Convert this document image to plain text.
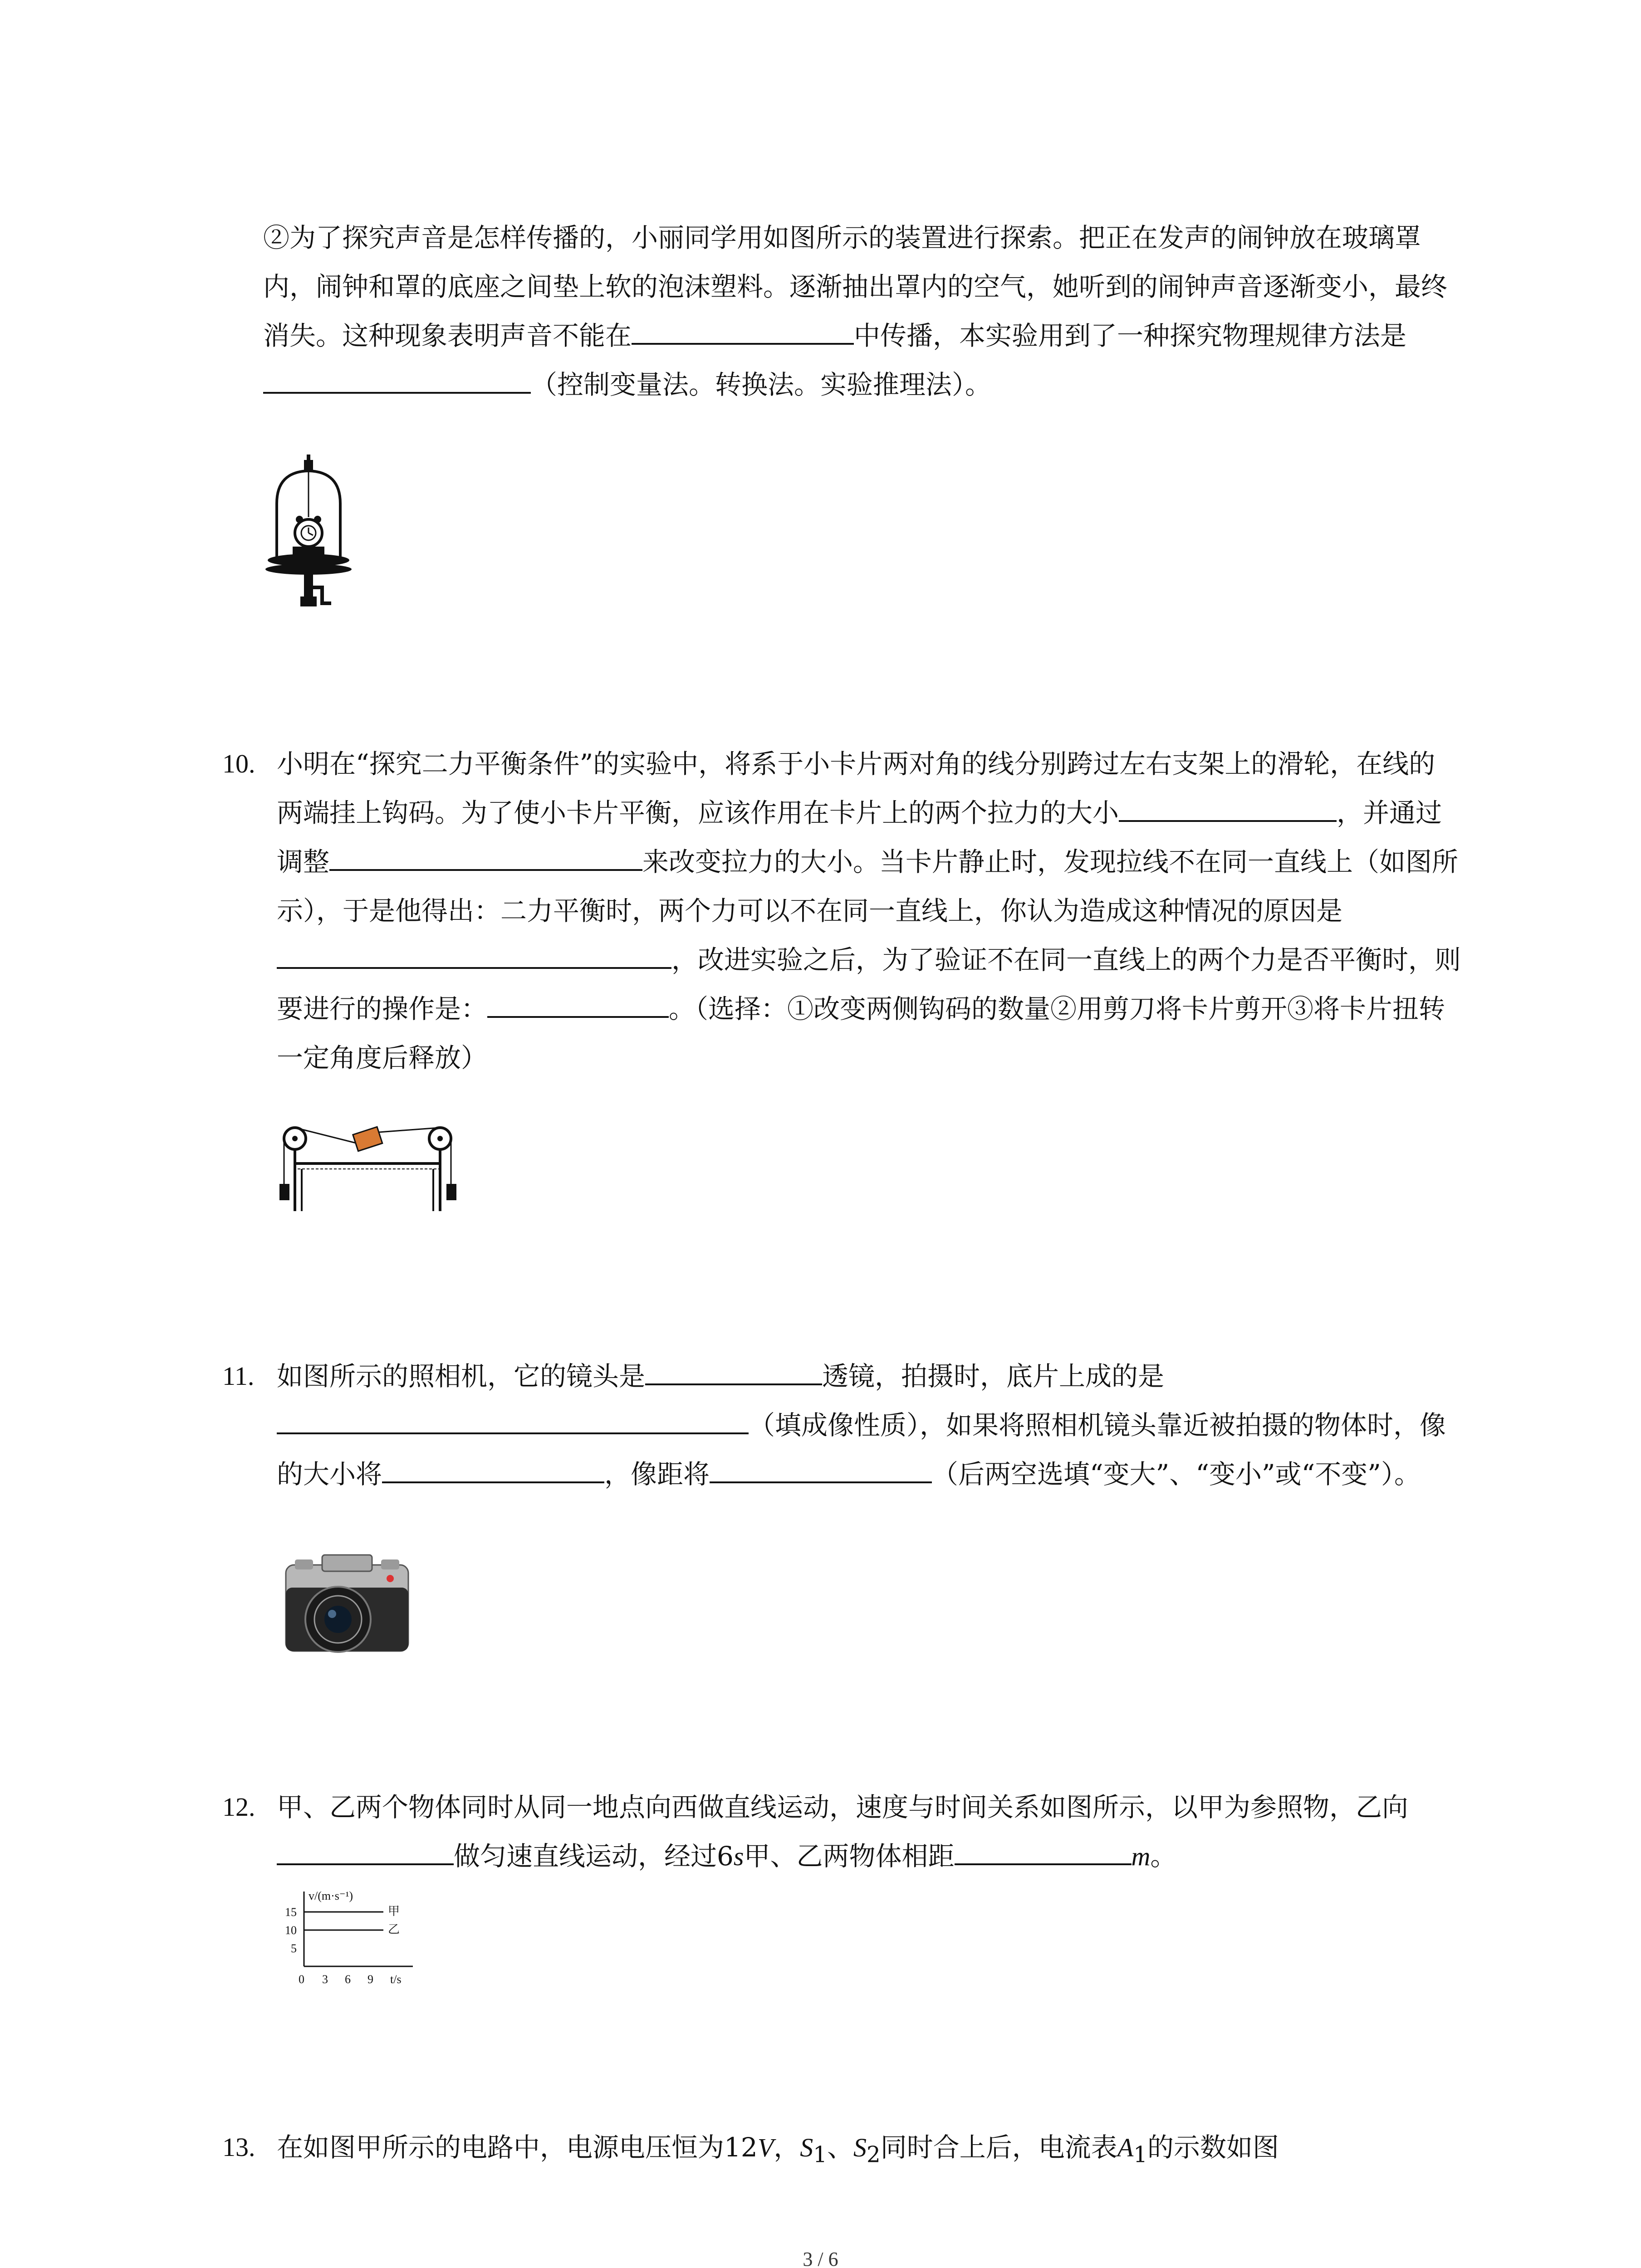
②为了探究声音是怎样传播的，小丽同学用如图所示的装置进行探索。把正在发声的闹钟放在玻璃罩内，闹钟和罩的底座之间垫上软的泡沫塑料。逐渐抽出罩内的空气，她听到的闹钟声音逐渐变小，最终消失。这种现象表明声音不能在	中传播，本实验用到了一种探究物理规律方法是（控制变量法。转换法。实验推理法）。
10. 小明在“探究二力平衡条件”的实验中，将系于小卡片两对角的线分别跨过左右支架上的滑轮，在线的两端挂上钩码。为了使小卡片平衡，应该作用在卡片上的两个拉力的大小	，并通过调整	来改变拉力的大小。当卡片静止时，发现拉线不在同一直线上（如图所示），于是他得出：二力平衡时，两个力可以不在同一直线上，你认为造成这种情况的原因是，改进实验之后，为了验证不在同一直线上的两个力是否平衡时，则要进行的操作是：	。（选择：①改变两侧钩码的数量②用剪刀将卡片剪开③将卡片扭转一定角度后释放）
11. 如图所示的照相机，它的镜头是	透镜，拍摄时，底片上成的是（填成像性质），如果将照相机镜头靠近被拍摄的物体时，像的大小将	，像距将	（后两空选填“变大”、“变小”或“不变”）。
12. 甲、乙两个物体同时从同一地点向西做直线运动，速度与时间关系如图所示，以甲为参照物，乙向做匀速直线运动，经过6s甲、乙两物体相距	m。
v/(m·s⁻¹)
甲
乙
15
10
5
0 3 6 9 t/s
13. 在如图甲所示的电路中，电源电压恒为12V，$S_1$、$S_2$同时合上后，电流表$A_1$的示数如图
3 / 6
